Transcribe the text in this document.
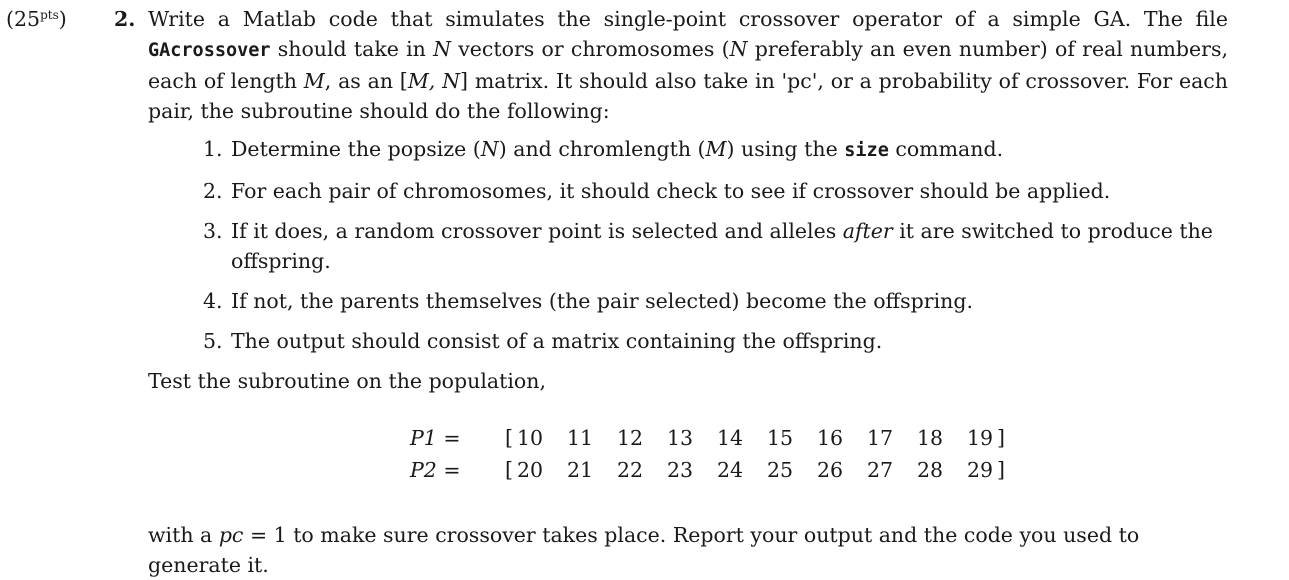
$(25^{pts})$ 2. Write a Matlab code that simulates the single-point crossover operator of a simple GA. The file GAcrossover should take in N vectors or chromosomes (N preferably an even number) of real numbers, each of length M, as an [M, N] matrix. It should also take in 'pc', or a probability of crossover. For each pair, the subroutine should do the following:

1. Determine the popsize (N) and chromlength (M) using the size command.
2. For each pair of chromosomes, it should check to see if crossover should be applied.
3. If it does, a random crossover point is selected and alleles after it are switched to produce the offspring.
4. If not, the parents themselves (the pair selected) become the offspring.
5. The output should consist of a matrix containing the offspring.

Test the subroutine on the population,

P1 =	[ 10	11	12	13	14	15	16	17	18	19 ]
P2 =	[ 20	21	22	23	24	25	26	27	28	29 ]

with a pc = 1 to make sure crossover takes place. Report your output and the code you used to generate it.
